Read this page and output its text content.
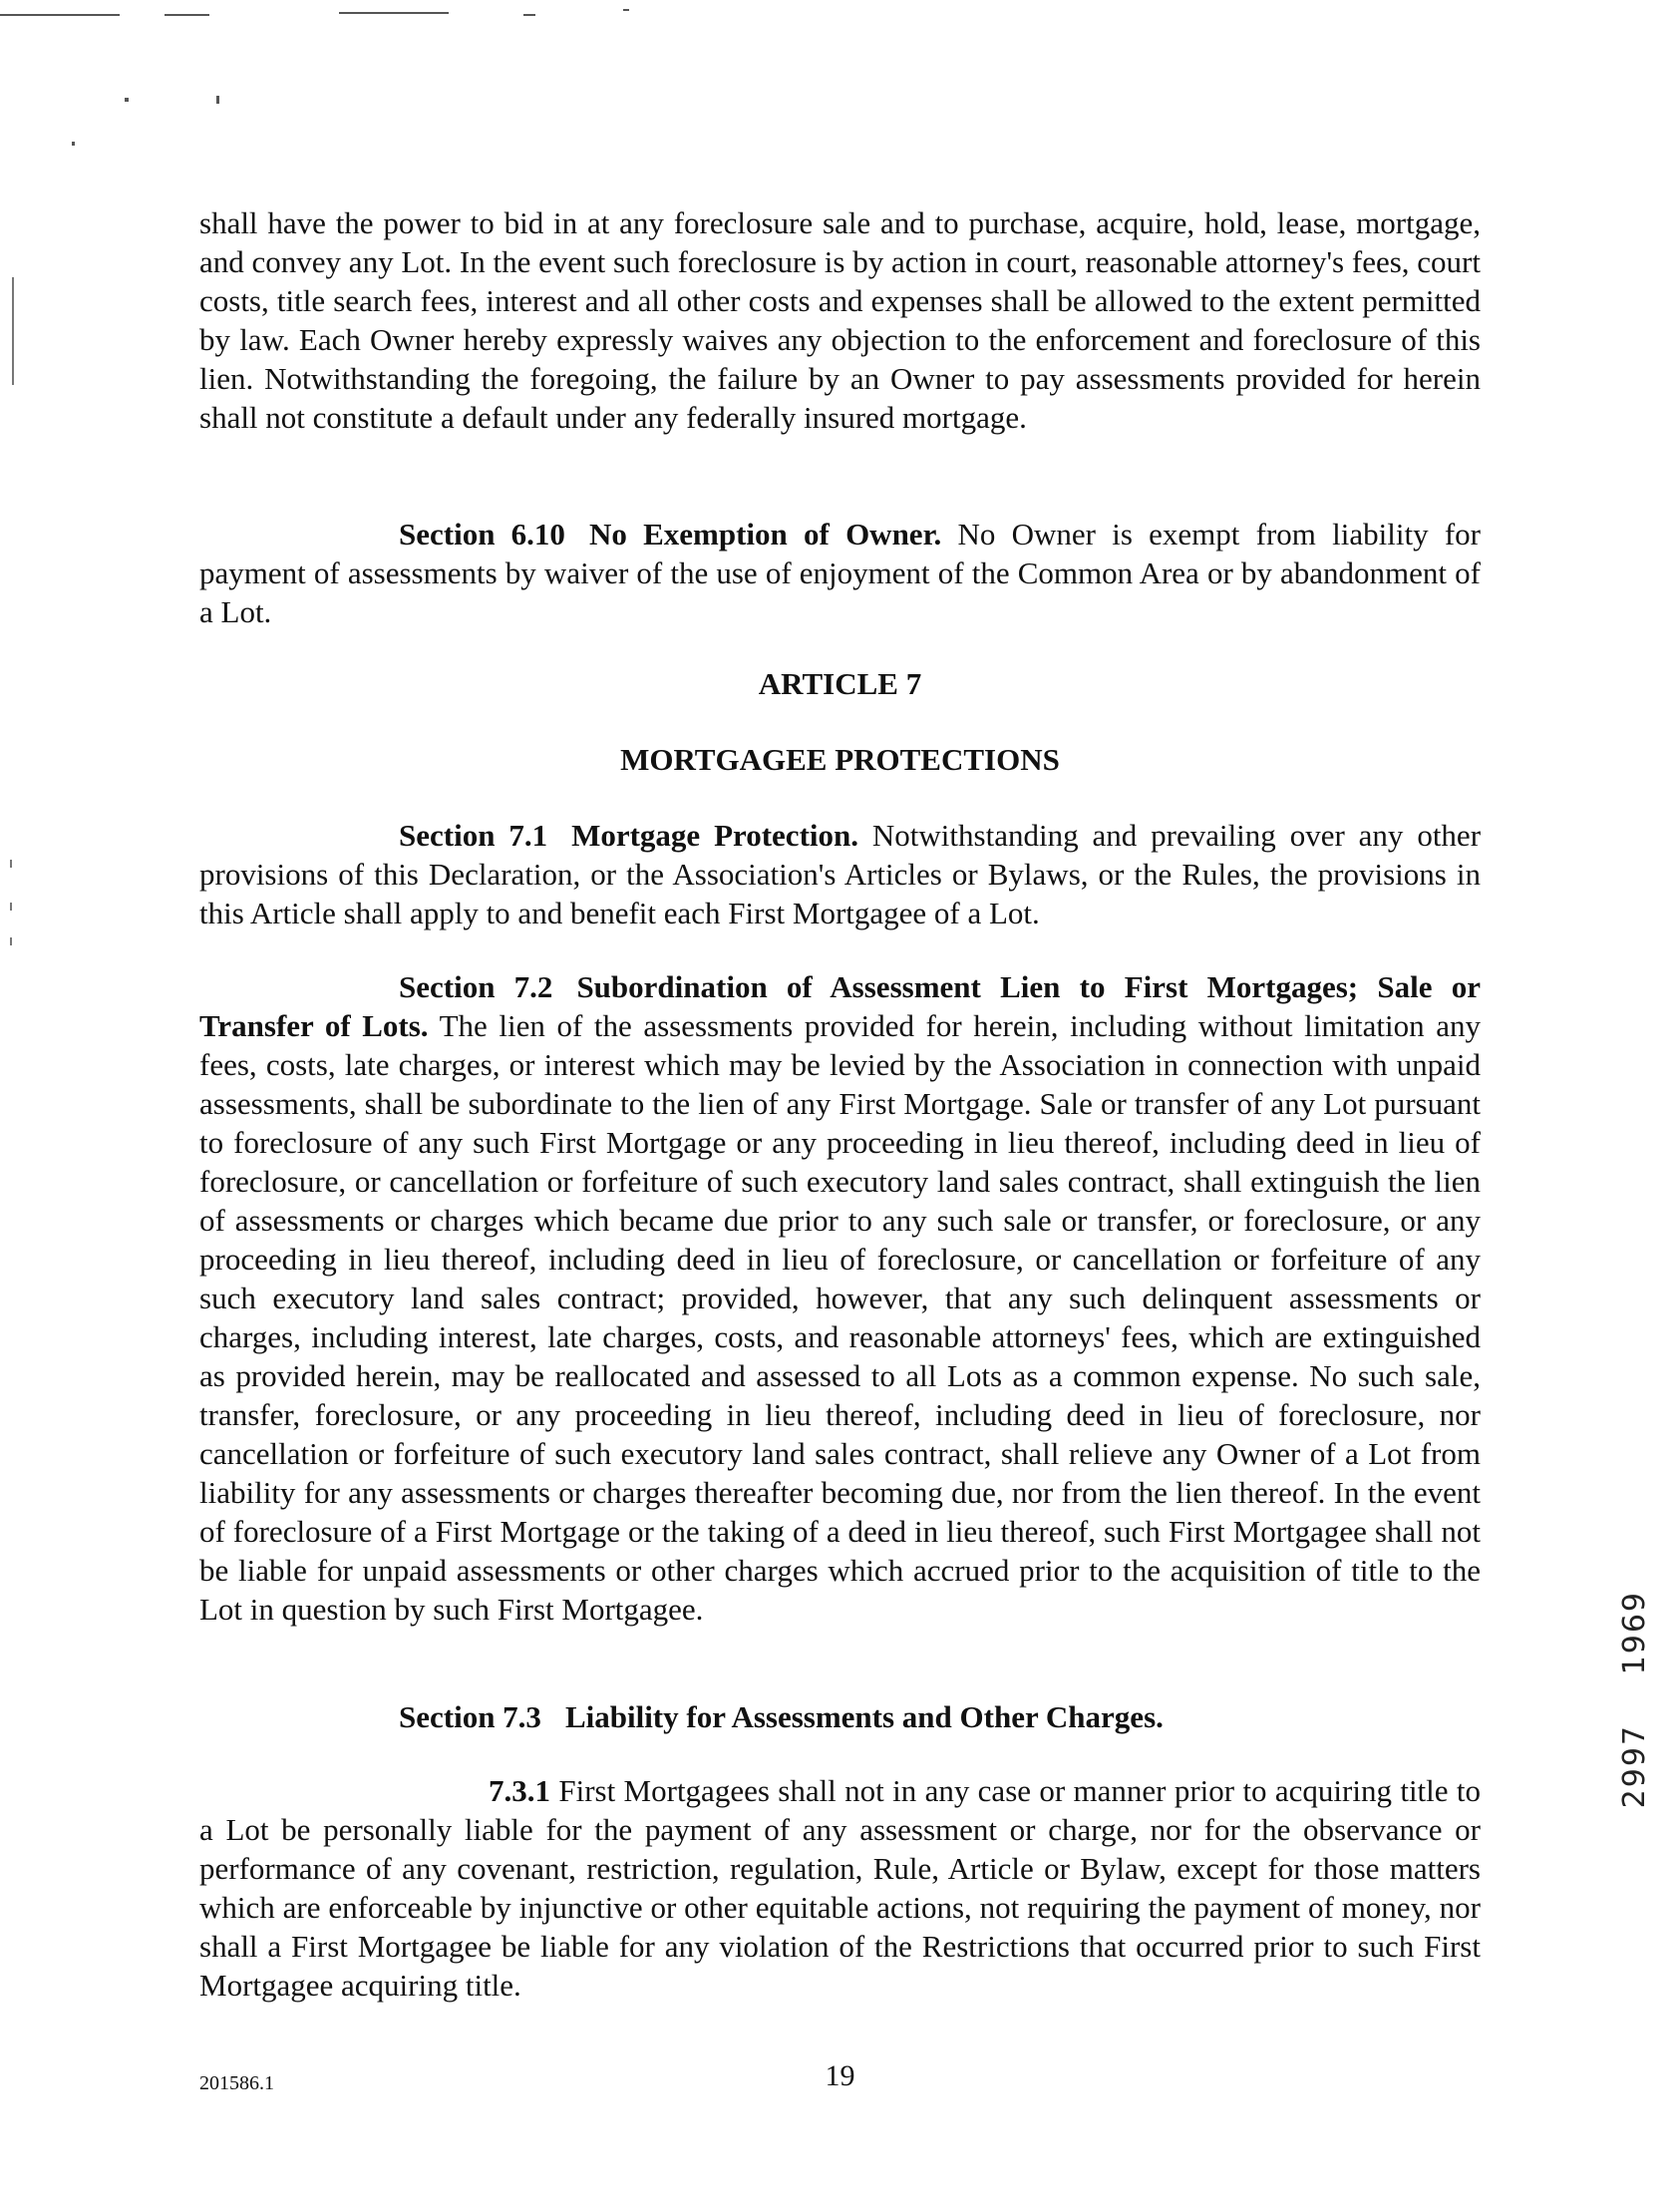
shall have the power to bid in at any foreclosure sale and to purchase, acquire, hold, lease, mortgage, and convey any Lot. In the event such foreclosure is by action in court, reasonable attorney's fees, court costs, title search fees, interest and all other costs and expenses shall be allowed to the extent permitted by law. Each Owner hereby expressly waives any objection to the enforcement and foreclosure of this lien. Notwithstanding the foregoing, the failure by an Owner to pay assessments provided for herein shall not constitute a default under any federally insured mortgage.

Section 6.10 No Exemption of Owner. No Owner is exempt from liability for payment of assessments by waiver of the use of enjoyment of the Common Area or by abandonment of a Lot.

ARTICLE 7

MORTGAGEE PROTECTIONS

Section 7.1 Mortgage Protection. Notwithstanding and prevailing over any other provisions of this Declaration, or the Association's Articles or Bylaws, or the Rules, the provisions in this Article shall apply to and benefit each First Mortgagee of a Lot.

Section 7.2 Subordination of Assessment Lien to First Mortgages; Sale or Transfer of Lots. The lien of the assessments provided for herein, including without limitation any fees, costs, late charges, or interest which may be levied by the Association in connection with unpaid assessments, shall be subordinate to the lien of any First Mortgage. Sale or transfer of any Lot pursuant to foreclosure of any such First Mortgage or any proceeding in lieu thereof, including deed in lieu of foreclosure, or cancellation or forfeiture of such executory land sales contract, shall extinguish the lien of assessments or charges which became due prior to any such sale or transfer, or foreclosure, or any proceeding in lieu thereof, including deed in lieu of foreclosure, or cancellation or forfeiture of any such executory land sales contract; provided, however, that any such delinquent assessments or charges, including interest, late charges, costs, and reasonable attorneys' fees, which are extinguished as provided herein, may be reallocated and assessed to all Lots as a common expense. No such sale, transfer, foreclosure, or any proceeding in lieu thereof, including deed in lieu of foreclosure, nor cancellation or forfeiture of such executory land sales contract, shall relieve any Owner of a Lot from liability for any assessments or charges thereafter becoming due, nor from the lien thereof. In the event of foreclosure of a First Mortgage or the taking of a deed in lieu thereof, such First Mortgagee shall not be liable for unpaid assessments or other charges which accrued prior to the acquisition of title to the Lot in question by such First Mortgagee.

Section 7.3 Liability for Assessments and Other Charges.

7.3.1 First Mortgagees shall not in any case or manner prior to acquiring title to a Lot be personally liable for the payment of any assessment or charge, nor for the observance or performance of any covenant, restriction, regulation, Rule, Article or Bylaw, except for those matters which are enforceable by injunctive or other equitable actions, not requiring the payment of money, nor shall a First Mortgagee be liable for any violation of the Restrictions that occurred prior to such First Mortgagee acquiring title.

201586.1	19
1969
2997
